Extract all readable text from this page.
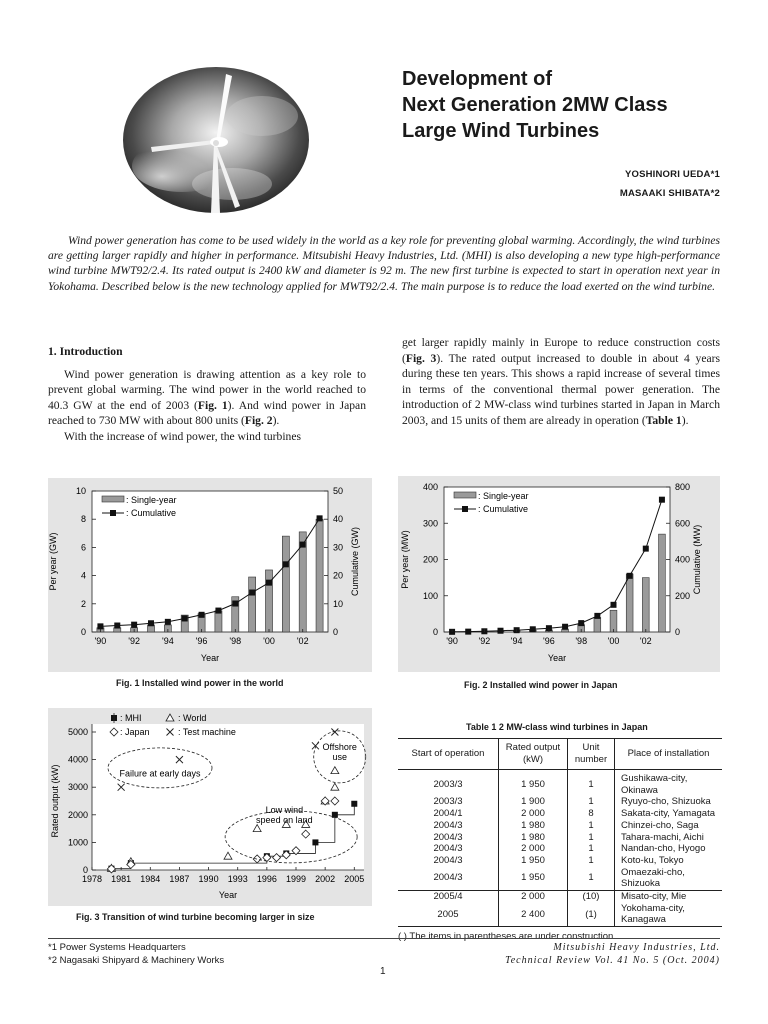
Development of
Next Generation 2MW Class
Large Wind Turbines
YOSHINORI UEDA*1
MASAAKI SHIBATA*2
Wind power generation has come to be used widely in the world as a key role for preventing global warming. Accordingly, the wind turbines are getting larger rapidly and higher in performance. Mitsubishi Heavy Industries, Ltd. (MHI) is also developing a new type high-performance wind turbine MWT92/2.4. Its rated output is 2400 kW and diameter is 92 m. The new first turbine is expected to start in operation next year in Yokohama. Described below is the new technology applied for MWT92/2.4. The main purpose is to reduce the load exerted on the wind turbine.
1. Introduction

Wind power generation is drawing attention as a key role to prevent global warming. The wind power in the world reached to 40.3 GW at the end of 2003 (Fig. 1). And wind power in Japan reached to 730 MW with about 800 units (Fig. 2).

With the increase of wind power, the wind turbines

get larger rapidly mainly in Europe to reduce construction costs (Fig. 3). The rated output increased to double in about 4 years during these ten years. This shows a rapid increase of several times in terms of the conventional thermal power generation. The introduction of 2 MW-class wind turbines started in Japan in March 2003, and 15 units of them are already in operation (Table 1).

0
2
4
6
8
10
0
10
20
30
40
50
'90 '92 '94 '96 '98 '00 '02
Year
Per year (GW)	Cumulative (GW)
: Single-year
: Cumulative
Fig. 1 Installed wind power in the world
0
100
200
300
400
0
200
400
600
800
'90 '92 '94 '96 '98 '00 '02
Year
Per year (MW)	Cumulative (MW)
: Single-year
: Cumulative
Fig. 2 Installed wind power in Japan
0
1000
2000
3000
4000
5000
1978 1981 1984 1987 1990 1993 1996 1999 2002 2005
Year
Rated output (kW)	Failure at early days
Low wind
speed on land
Offshore
use
: MHI	: World
: Japan	: Test machine
Fig. 3 Transition of wind turbine becoming larger in size
Table 1 2 MW-class wind turbines in Japan
Start of operation	Rated output (kW)	Unit number	Place of installation
2003/3	1 950	1	Gushikawa-city, Okinawa
2003/3	1 900	1	Ryuyo-cho, Shizuoka
2004/1	2 000	8	Sakata-city, Yamagata
2004/3	1 980	1	Chinzei-cho, Saga
2004/3	1 980	1	Tahara-machi, Aichi
2004/3	2 000	1	Nandan-cho, Hyogo
2004/3	1 950	1	Koto-ku, Tokyo
2004/3	1 950	1	Omaezaki-cho, Shizuoka
2005/4	2 000	(10)	Misato-city, Mie
2005	2 400	(1)	Yokohama-city, Kanagawa
( ) The items in parentheses are under construction.
*1 Power Systems Headquarters
*2 Nagasaki Shipyard & Machinery Works
Mitsubishi Heavy Industries, Ltd.
Technical Review Vol. 41 No. 5 (Oct. 2004)
1
